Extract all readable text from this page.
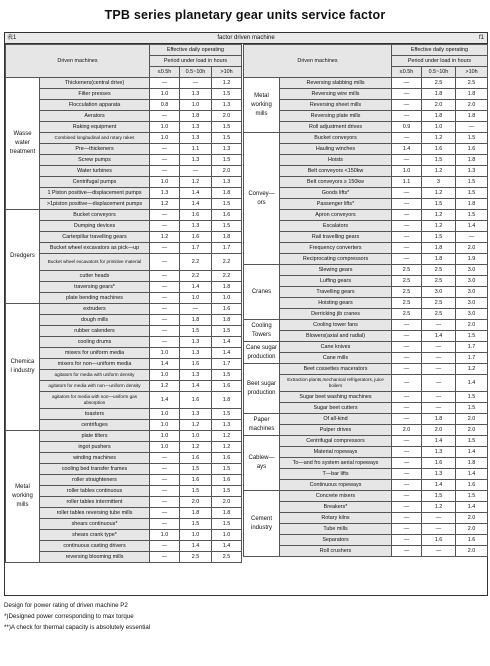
TPB series planetary gear units service factor
表1	factor driven machine	f1
Driven machines		Effective daily operating		
		Period under load in hours		
		≤0.5h	0.5~10h	>10h

Wasse
water
treatment	Thickeners(central drive)	—	—	1.2
	Filter presses	1.0	1.3	1.5
	Flocculation apparata	0.8	1.0	1.3
	Aerators	—	1.8	2.0
	Raking equipment	1.0	1.3	1.5
	Combined longitudinal and rotary rakes	1.0	1.3	1.5
	Pre—thickeners	—	1.1	1.3
	Screw pumps	—	1.3	1.5
	Water turbines	—	—	2.0
	Centrifugal pumps	1.0	1.2	1.3
	1 Piston positive—displacement pumps	1.3	1.4	1.8
	>1piston positive—displacement pumps	1.2	1.4	1.5

Dredgers	Bucket conveyors	—	1.6	1.6
	Dumping devices	—	1.3	1.5
	Carterpillar travelling gears	1.2	1.6	1.8
	Bucket wheel excavators as pick—up	—	1.7	1.7
	Bucket wheel excavators for primitive material	—	2.2	2.2
	cutter heads	—	2.2	2.2
	traversing gears*	—	1.4	1.8
	plate bending machines	—	1.0	1.0

Chemica
l industry	extruders	—	—	1.6
	dough mills	—	1.8	1.8
	rubber calenders	—	1.5	1.5
	cooling drums	—	1.3	1.4
	mixers for uniform media	1.0	1.3	1.4
	mixers for non—uniform media	1.4	1.6	1.7
	agitators for media with uniform density	1.0	1.3	1.5
	agitators for media with non—uniform density	1.2	1.4	1.6
	agitators for media with non—uniform gas absorption	1.4	1.6	1.8
	toasters	1.0	1.3	1.5
	centrifuges	1.0	1.2	1.3

Metal
working
mills	plate tilters	1.0	1.0	1.2
	ingot pushers	1.0	1.2	1.2
	winding machines	—	1.6	1.6
	cooling bed transfer frames	—	1.5	1.5
	roller straighteners	—	1.6	1.6
	roller tables continuous	—	1.5	1.5
	roller tables intermittent	—	2.0	2.0
	roller tables reversing tube mills	—	1.8	1.8
	shears continuous*	—	1.5	1.5
	shears crank type*	1.0	1.0	1.0
	continuous casting drivers	—	1.4	1.4
	reversing blooming mills	—	2.5	2.5
Driven machines		Effective daily operating		
		Period under load in hours		
		≤0.5h	0.5~10h	>10h

Metal
working
mills	Reversing slabbing mills	—	2.5	2.5
	Reversing wire mills	—	1.8	1.8
	Reversing sheet mills	—	2.0	2.0
	Reversing plate mills	—	1.8	1.8
	Roll adjustment drives	0.9	1.0	—

Convey—ors	Bucket conveyors	—	1.2	1.5
	Hauling winches	1.4	1.6	1.6
	Hoists	—	1.5	1.8
	Belt conveyors <150kw	1.0	1.2	1.3
	Belt conveyors ≥ 150kw	1.1	3	1.5
	Goods lifts*	—	1.2	1.5
	Passenger lifts*	—	1.5	1.8
	Apron conveyors	—	1.2	1.5
	Escalators	—	1.2	1.4
	Rail travelling gears	—	1.5	—
	Frequency converters	—	1.8	2.0
	Reciprocating compressors	—	1.8	1.9

Cranes	Slewing gears	2.5	2.5	3.0
	Luffing gears	2.5	2.5	3.0
	Travelling gears	2.5	3.0	3.0
	Hoisting gears	2.5	2.5	3.0
	Derricking jib cranes	2.5	2.5	3.0

Cooling
Towers	Cooling tower fans	—	—	2.0
	Blowers(axial and radial)	—	1.4	1.5

Cane sugar
production	Cane knives	—	—	1.7
	Cane mills	—	—	1.7

Beet sugar
production	Beet cossettes macerators	—	—	1.2
	Extraction plants,mechanical refrigerators, juice boilers	—	—	1.4
	Sugar beet washing machines	—	—	1.5
	Sugar beet cutters	—	—	1.5

Paper
machines	Of all-kind	—	1.8	2.0
	Pulper drives	2.0	2.0	2.0

Cablew—
ays	Centrifugal compressors	—	1.4	1.5
	Material ropeways	—	1.3	1.4
	To—and fro system aerial ropeways	—	1.6	1.8
	T—bar lifts	—	1.3	1.4
	Continuous ropeways	—	1.4	1.6

Cement
industry	Concrete mixers	—	1.5	1.5
	Breakers*	—	1.2	1.4
	Rotary kilns	—	—	2.0
	Tube mills	—	—	2.0
	Separators	—	1.6	1.6
	Roll crushers	—	—	2.0
Design for power rating of driven machine P2
*)Designed power corresponding to max torque
**)A check for thermal capacity is absolutely essential
